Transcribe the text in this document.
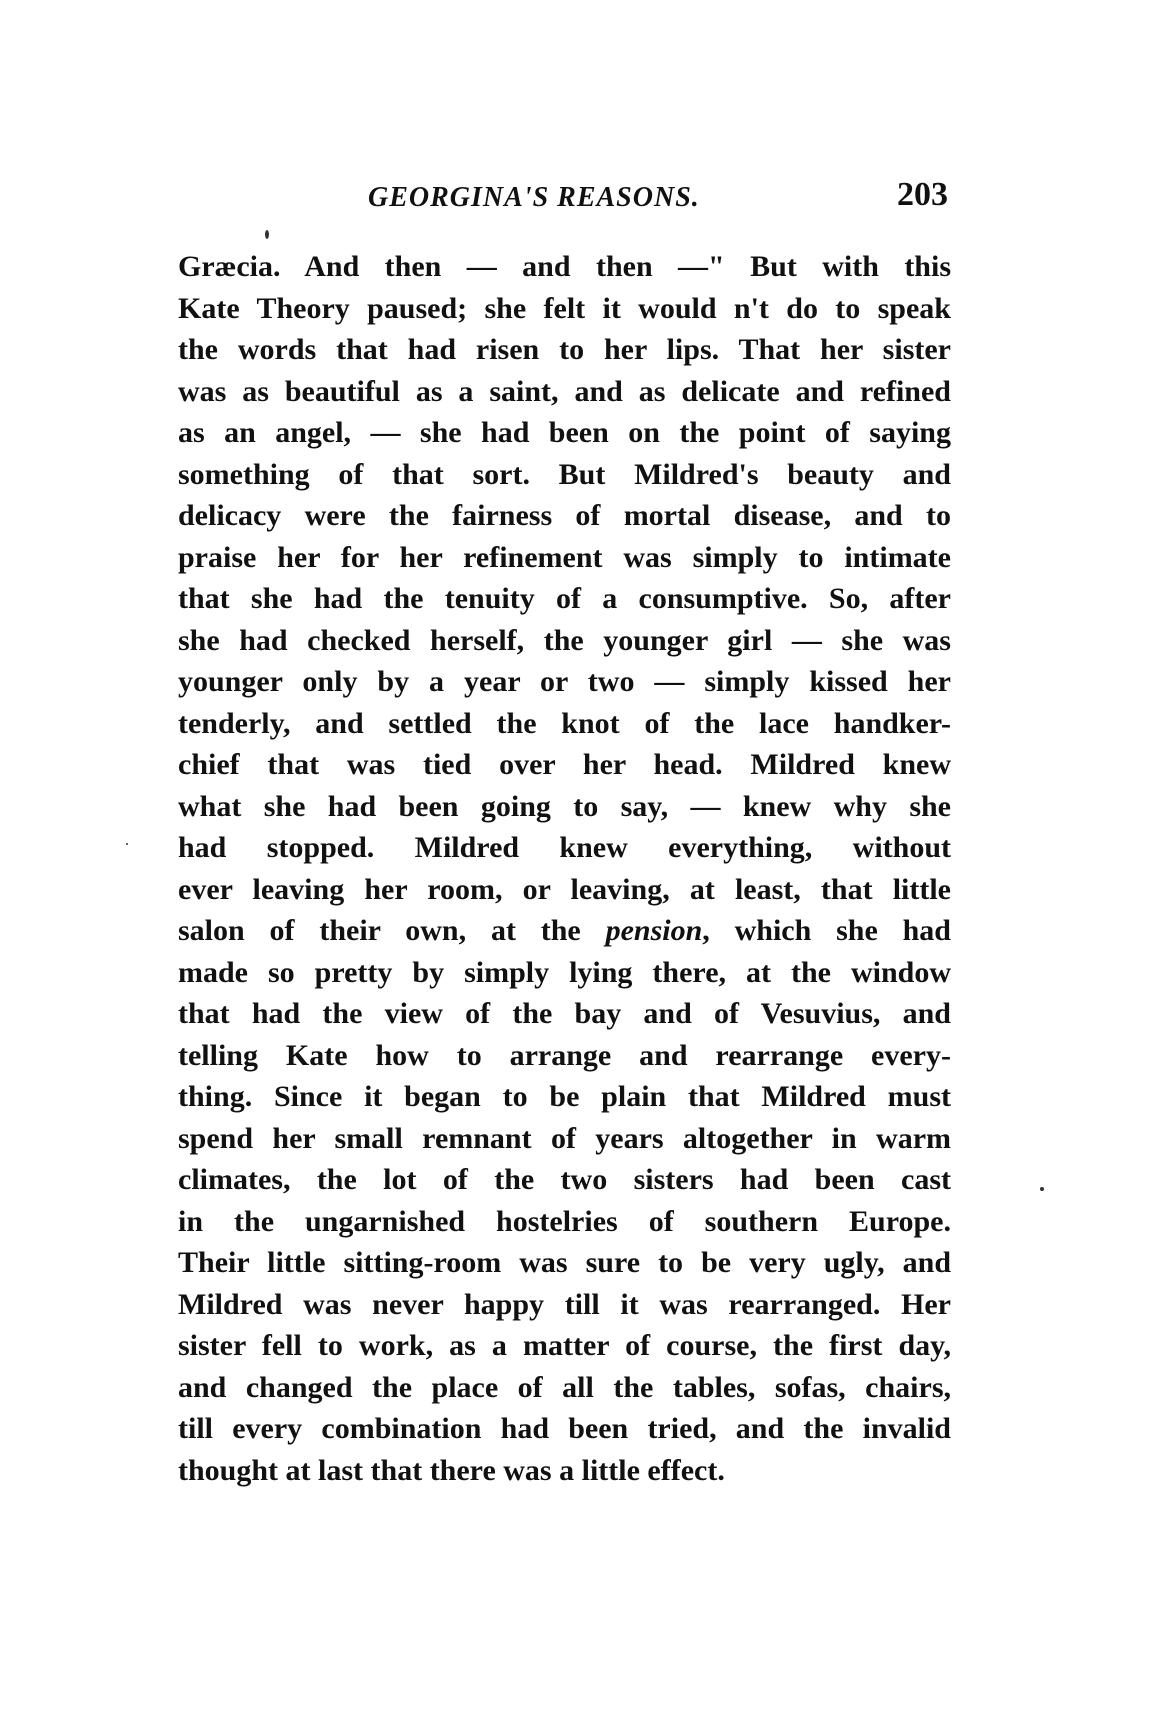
GEORGINA'S REASONS.	203
Græcia. And then — and then —" But with this
Kate Theory paused; she felt it would n't do to speak
the words that had risen to her lips. That her sister
was as beautiful as a saint, and as delicate and refined
as an angel, — she had been on the point of saying
something of that sort. But Mildred's beauty and
delicacy were the fairness of mortal disease, and to
praise her for her refinement was simply to intimate
that she had the tenuity of a consumptive. So, after
she had checked herself, the younger girl — she was
younger only by a year or two — simply kissed her
tenderly, and settled the knot of the lace handker-
chief that was tied over her head. Mildred knew
what she had been going to say, — knew why she
had stopped. Mildred knew everything, without
ever leaving her room, or leaving, at least, that little
salon of their own, at the pension, which she had
made so pretty by simply lying there, at the window
that had the view of the bay and of Vesuvius, and
telling Kate how to arrange and rearrange every-
thing. Since it began to be plain that Mildred must
spend her small remnant of years altogether in warm
climates, the lot of the two sisters had been cast
in the ungarnished hostelries of southern Europe.
Their little sitting-room was sure to be very ugly, and
Mildred was never happy till it was rearranged. Her
sister fell to work, as a matter of course, the first day,
and changed the place of all the tables, sofas, chairs,
till every combination had been tried, and the invalid
thought at last that there was a little effect.
